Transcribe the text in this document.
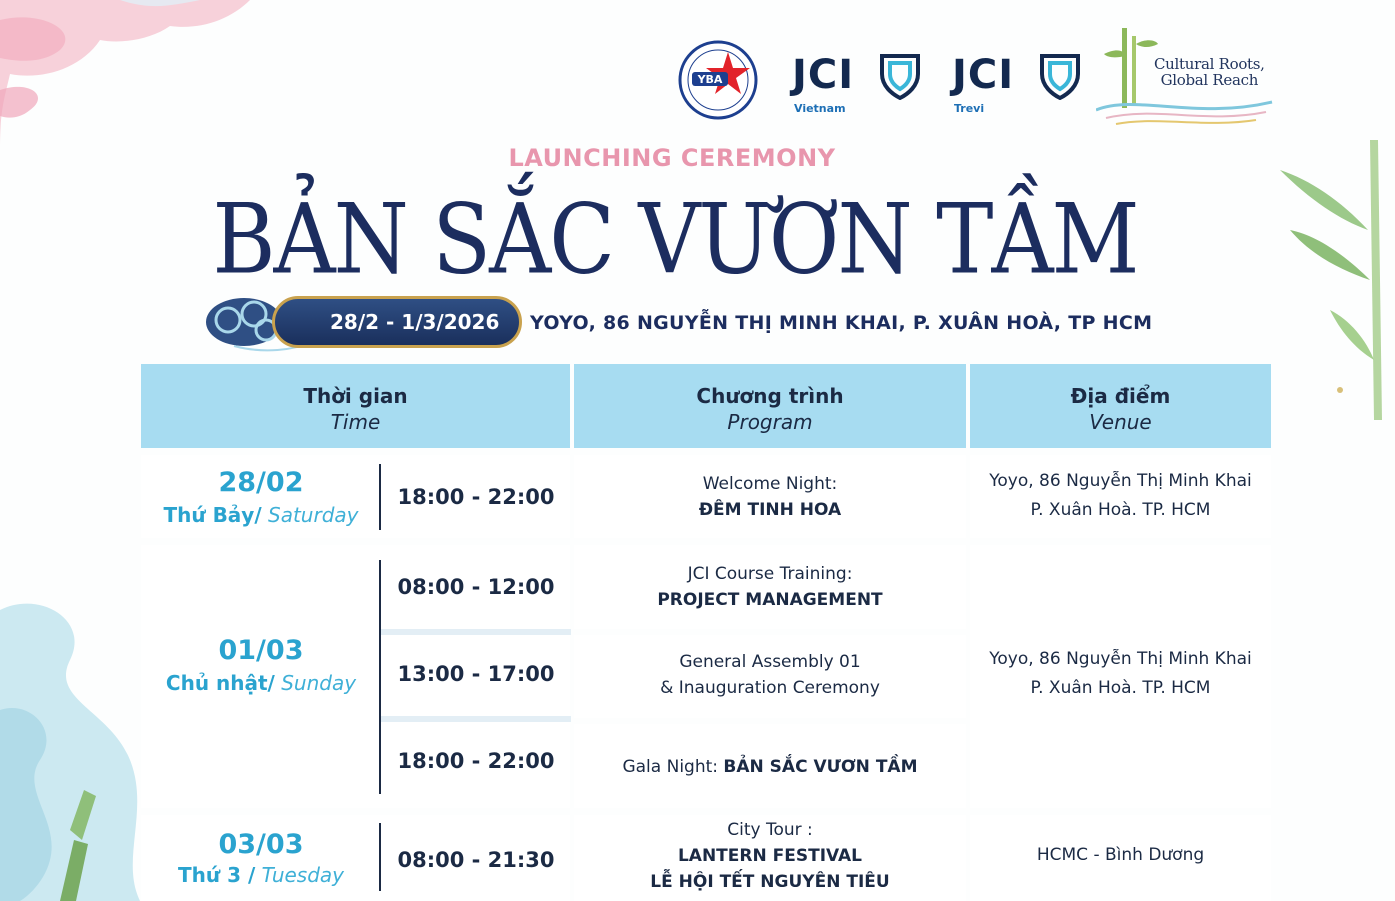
YBA JCI
Vietnam
JCI
Trevi
Cultural Roots,
Global Reach
LAUNCHING CEREMONY
BẢN SẮC VƯƠN TẦM
28/2 - 1/3/2026	YOYO, 86 NGUYỄN THỊ MINH KHAI, P. XUÂN HOÀ, TP HCM
Thời gian
Time
Chương trình
Program
Địa điểm
Venue
28/02
Thứ Bảy/ Saturday
18:00 - 22:00
Welcome Night:
ĐÊM TINH HOA
Yoyo, 86 Nguyễn Thị Minh Khai
P. Xuân Hoà. TP. HCM
01/03
Chủ nhật/ Sunday
08:00 - 12:00
13:00 - 17:00
18:00 - 22:00
JCI Course Training:
PROJECT MANAGEMENT
General Assembly 01
& Inauguration Ceremony
Gala Night: BẢN SẮC VƯƠN TẦM
Yoyo, 86 Nguyễn Thị Minh Khai
P. Xuân Hoà. TP. HCM
03/03
Thứ 3 / Tuesday
08:00 - 21:30
City Tour :
LANTERN FESTIVAL
LỄ HỘI TẾT NGUYÊN TIÊU
HCMC - Bình Dương
